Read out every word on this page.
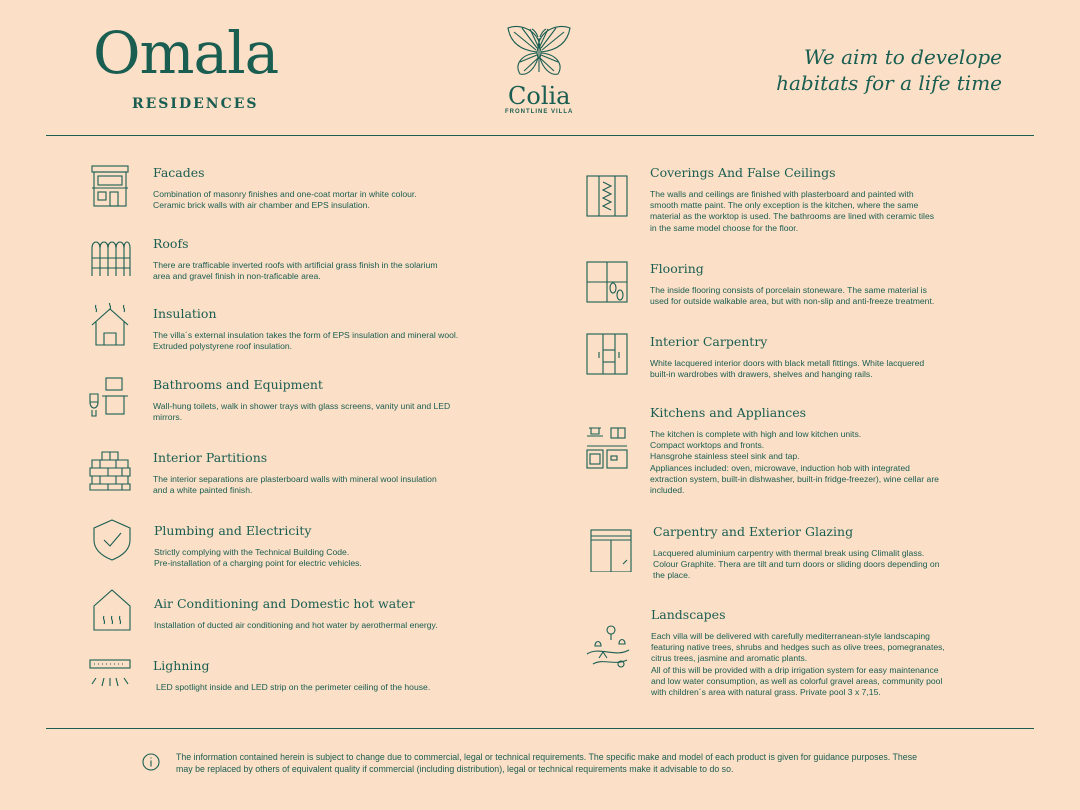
Omala
RESIDENCES	Colia
FRONTLINE VILLA
We aim to develope
habitats for a life time
Facades

Combination of masonry finishes and one-coat mortar in white colour.
Ceramic brick walls with air chamber and EPS insulation.

Roofs

There are trafficable inverted roofs with artificial grass finish in the solarium
area and gravel finish in non-traficable area.

Insulation

The villa´s external insulation takes the form of EPS insulation and mineral wool.
Extruded polystyrene roof insulation.

Bathrooms and Equipment

Wall-hung toilets, walk in shower trays with glass screens, vanity unit and LED
mirrors.

Interior Partitions

The interior separations are plasterboard walls with mineral wool insulation
and a white painted finish.

Plumbing and Electricity

Strictly complying with the Technical Building Code.
Pre-installation of a charging point for electric vehicles.

Air Conditioning and Domestic hot water

Installation of ducted air conditioning and hot water by aerothermal energy.

Lighning

LED spotlight inside and LED strip on the perimeter ceiling of the house.

Coverings And False Ceilings

The walls and ceilings are finished with plasterboard and painted with
smooth matte paint. The only exception is the kitchen, where the same
material as the worktop is used. The bathrooms are lined with ceramic tiles
in the same model choose for the floor.

Flooring

The inside flooring consists of porcelain stoneware. The same material is
used for outside walkable area, but with non-slip and anti-freeze treatment.

Interior Carpentry

White lacquered interior doors with black metall fittings. White lacquered
built-in wardrobes with drawers, shelves and hanging rails.

Kitchens and Appliances

The kitchen is complete with high and low kitchen units.
Compact worktops and fronts.
Hansgrohe stainless steel sink and tap.
Appliances included: oven, microwave, induction hob with integrated
extraction system, built-in dishwasher, built-in fridge-freezer), wine cellar are
included.

Carpentry and Exterior Glazing

Lacquered aluminium carpentry with thermal break using Climalit glass.
Colour Graphite. Thera are tilt and turn doors or sliding doors depending on
the place.

Landscapes

Each villa will be delivered with carefully mediterranean-style landscaping
featuring native trees, shrubs and hedges such as olive trees, pomegranates,
citrus trees, jasmine and aromatic plants.
All of this will be provided with a drip irrigation system for easy maintenance
and low water consumption, as well as colorful gravel areas, community pool
with children´s area with natural grass. Private pool 3 x 7,15.

The information contained herein is subject to change due to commercial, legal or technical requirements. The specific make and model of each product is given for guidance purposes. These may be replaced by others of equivalent quality if commercial (including distribution), legal or technical requirements make it advisable to do so.
